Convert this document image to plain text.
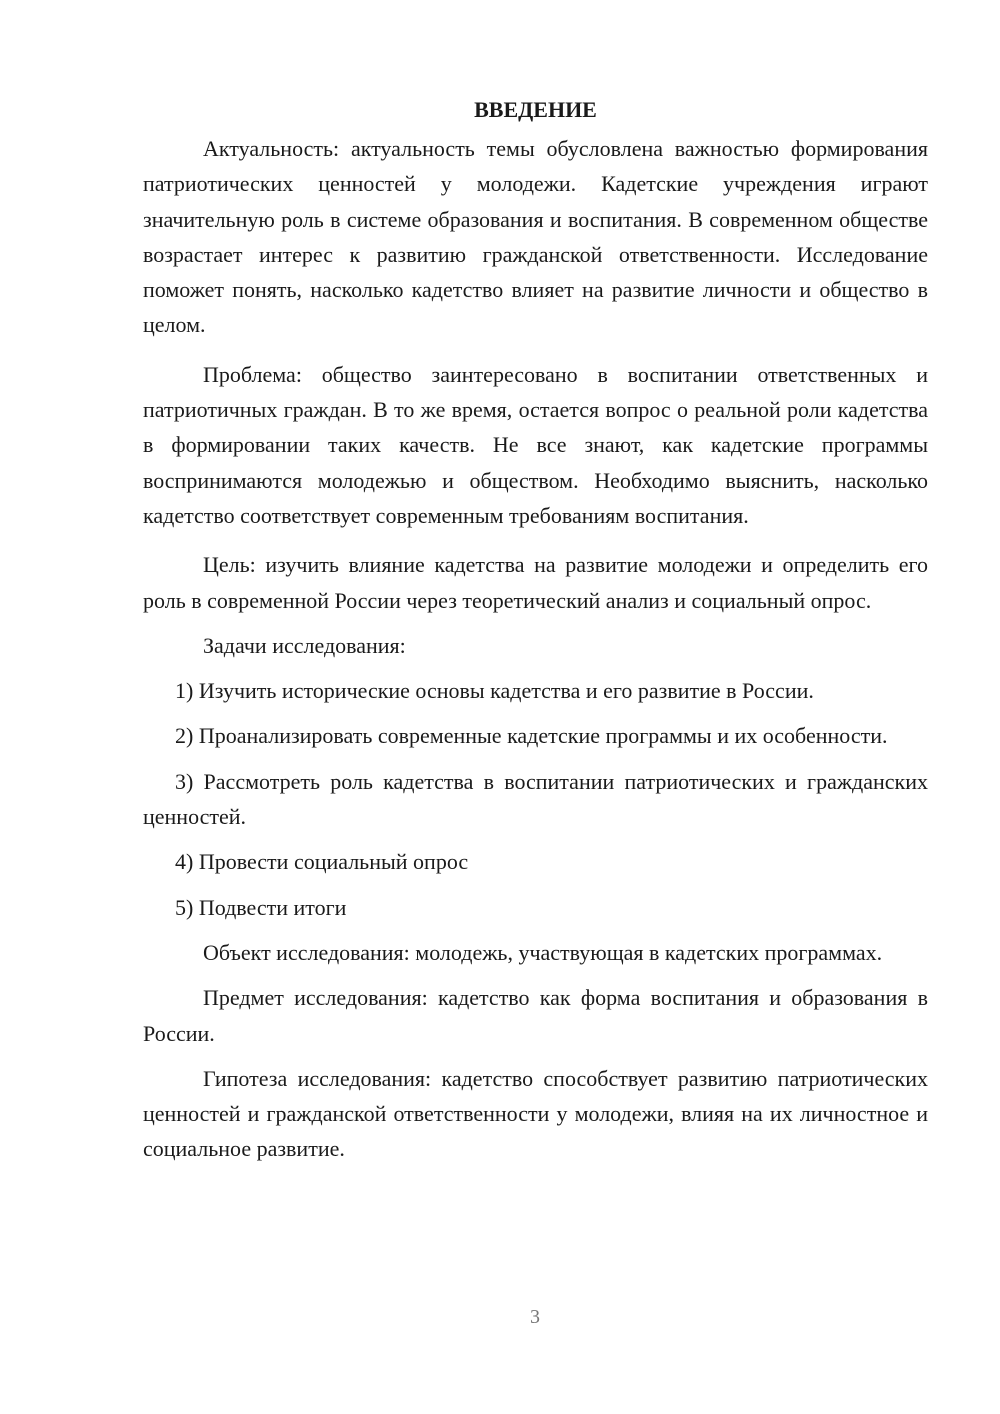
ВВЕДЕНИЕ

Актуальность: актуальность темы обусловлена важностью формирования патриотических ценностей у молодежи. Кадетские учреждения играют значительную роль в системе образования и воспитания. В современном обществе возрастает интерес к развитию гражданской ответственности. Исследование поможет понять, насколько кадетство влияет на развитие личности и общество в целом.

Проблема: общество заинтересовано в воспитании ответственных и патриотичных граждан. В то же время, остается вопрос о реальной роли кадетства в формировании таких качеств. Не все знают, как кадетские программы воспринимаются молодежью и обществом. Необходимо выяснить, насколько кадетство соответствует современным требованиям воспитания.

Цель: изучить влияние кадетства на развитие молодежи и определить его роль в современной России через теоретический анализ и социальный опрос.

Задачи исследования:

1) Изучить исторические основы кадетства и его развитие в России.

2) Проанализировать современные кадетские программы и их особенности.

3) Рассмотреть роль кадетства в воспитании патриотических и гражданских ценностей.

4) Провести социальный опрос

5) Подвести итоги

Объект исследования: молодежь, участвующая в кадетских программах.

Предмет исследования: кадетство как форма воспитания и образования в России.

Гипотеза исследования: кадетство способствует развитию патриотических ценностей и гражданской ответственности у молодежи, влияя на их личностное и социальное развитие.

3
